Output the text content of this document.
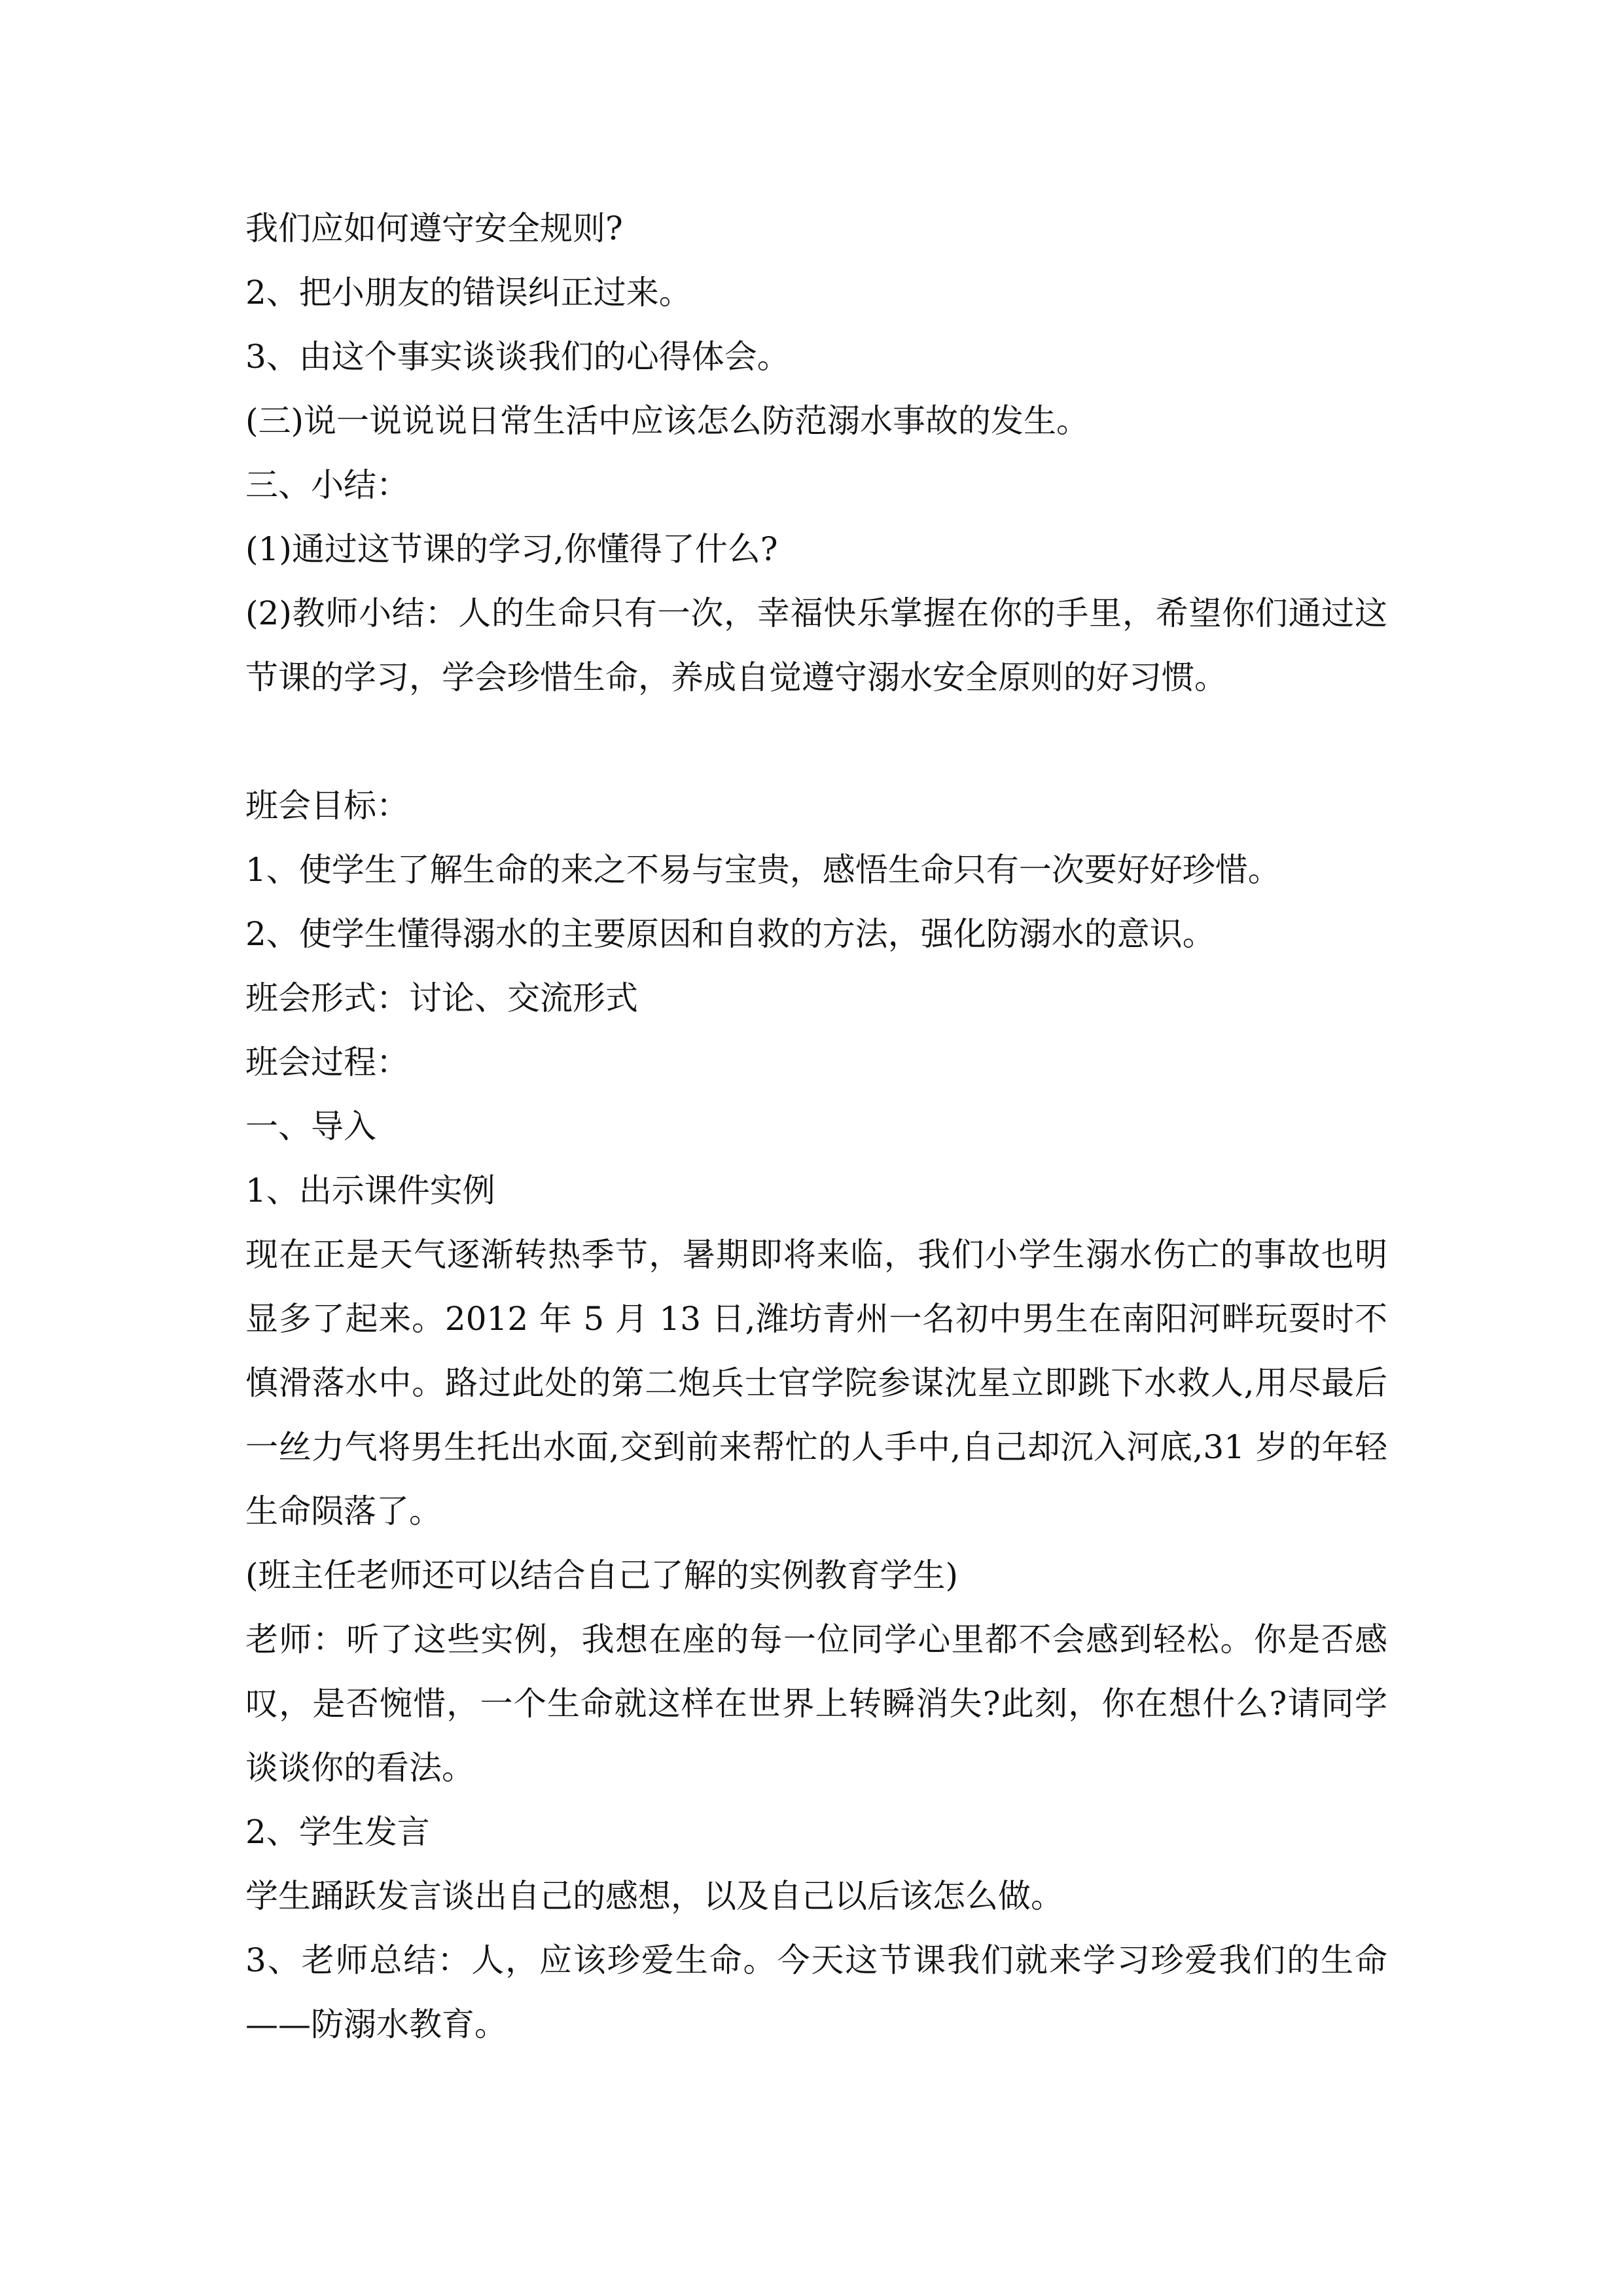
我们应如何遵守安全规则?

2、把小朋友的错误纠正过来。

3、由这个事实谈谈我们的心得体会。

(三)说一说说说日常生活中应该怎么防范溺水事故的发生。

三、小结：

(1)通过这节课的学习,你懂得了什么?

(2)教师小结：人的生命只有一次，幸福快乐掌握在你的手里，希望你们通过这节课的学习，学会珍惜生命，养成自觉遵守溺水安全原则的好习惯。

班会目标：

1、使学生了解生命的来之不易与宝贵，感悟生命只有一次要好好珍惜。

2、使学生懂得溺水的主要原因和自救的方法，强化防溺水的意识。

班会形式：讨论、交流形式

班会过程：

一、导入

1、出示课件实例

现在正是天气逐渐转热季节，暑期即将来临，我们小学生溺水伤亡的事故也明显多了起来。2012 年 5 月 13 日,潍坊青州一名初中男生在南阳河畔玩耍时不慎滑落水中。路过此处的第二炮兵士官学院参谋沈星立即跳下水救人,用尽最后一丝力气将男生托出水面,交到前来帮忙的人手中,自己却沉入河底,31 岁的年轻生命陨落了。

(班主任老师还可以结合自己了解的实例教育学生)

老师：听了这些实例，我想在座的每一位同学心里都不会感到轻松。你是否感叹，是否惋惜，一个生命就这样在世界上转瞬消失?此刻，你在想什么?请同学谈谈你的看法。

2、学生发言

学生踊跃发言谈出自己的感想，以及自己以后该怎么做。

3、老师总结：人，应该珍爱生命。今天这节课我们就来学习珍爱我们的生命——防溺水教育。
